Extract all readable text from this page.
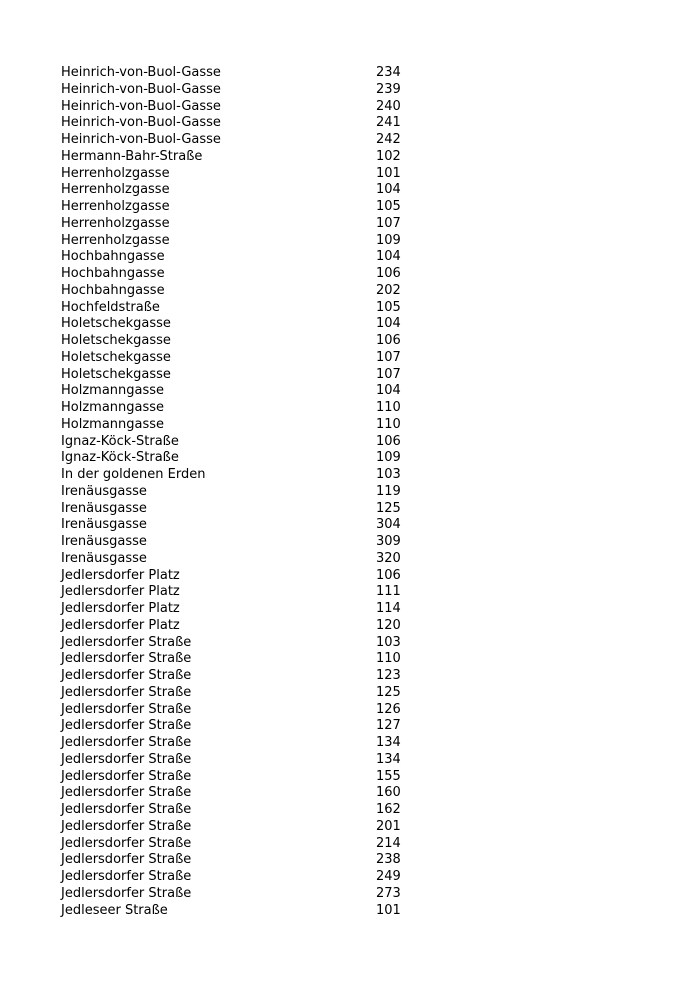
Heinrich-von-Buol-Gasse	234
Heinrich-von-Buol-Gasse	239
Heinrich-von-Buol-Gasse	240
Heinrich-von-Buol-Gasse	241
Heinrich-von-Buol-Gasse	242
Hermann-Bahr-Straße	102
Herrenholzgasse	101
Herrenholzgasse	104
Herrenholzgasse	105
Herrenholzgasse	107
Herrenholzgasse	109
Hochbahngasse	104
Hochbahngasse	106
Hochbahngasse	202
Hochfeldstraße	105
Holetschekgasse	104
Holetschekgasse	106
Holetschekgasse	107
Holetschekgasse	107
Holzmanngasse	104
Holzmanngasse	110
Holzmanngasse	110
Ignaz-Köck-Straße	106
Ignaz-Köck-Straße	109
In der goldenen Erden	103
Irenäusgasse	119
Irenäusgasse	125
Irenäusgasse	304
Irenäusgasse	309
Irenäusgasse	320
Jedlersdorfer Platz	106
Jedlersdorfer Platz	111
Jedlersdorfer Platz	114
Jedlersdorfer Platz	120
Jedlersdorfer Straße	103
Jedlersdorfer Straße	110
Jedlersdorfer Straße	123
Jedlersdorfer Straße	125
Jedlersdorfer Straße	126
Jedlersdorfer Straße	127
Jedlersdorfer Straße	134
Jedlersdorfer Straße	134
Jedlersdorfer Straße	155
Jedlersdorfer Straße	160
Jedlersdorfer Straße	162
Jedlersdorfer Straße	201
Jedlersdorfer Straße	214
Jedlersdorfer Straße	238
Jedlersdorfer Straße	249
Jedlersdorfer Straße	273
Jedleseer Straße	101
